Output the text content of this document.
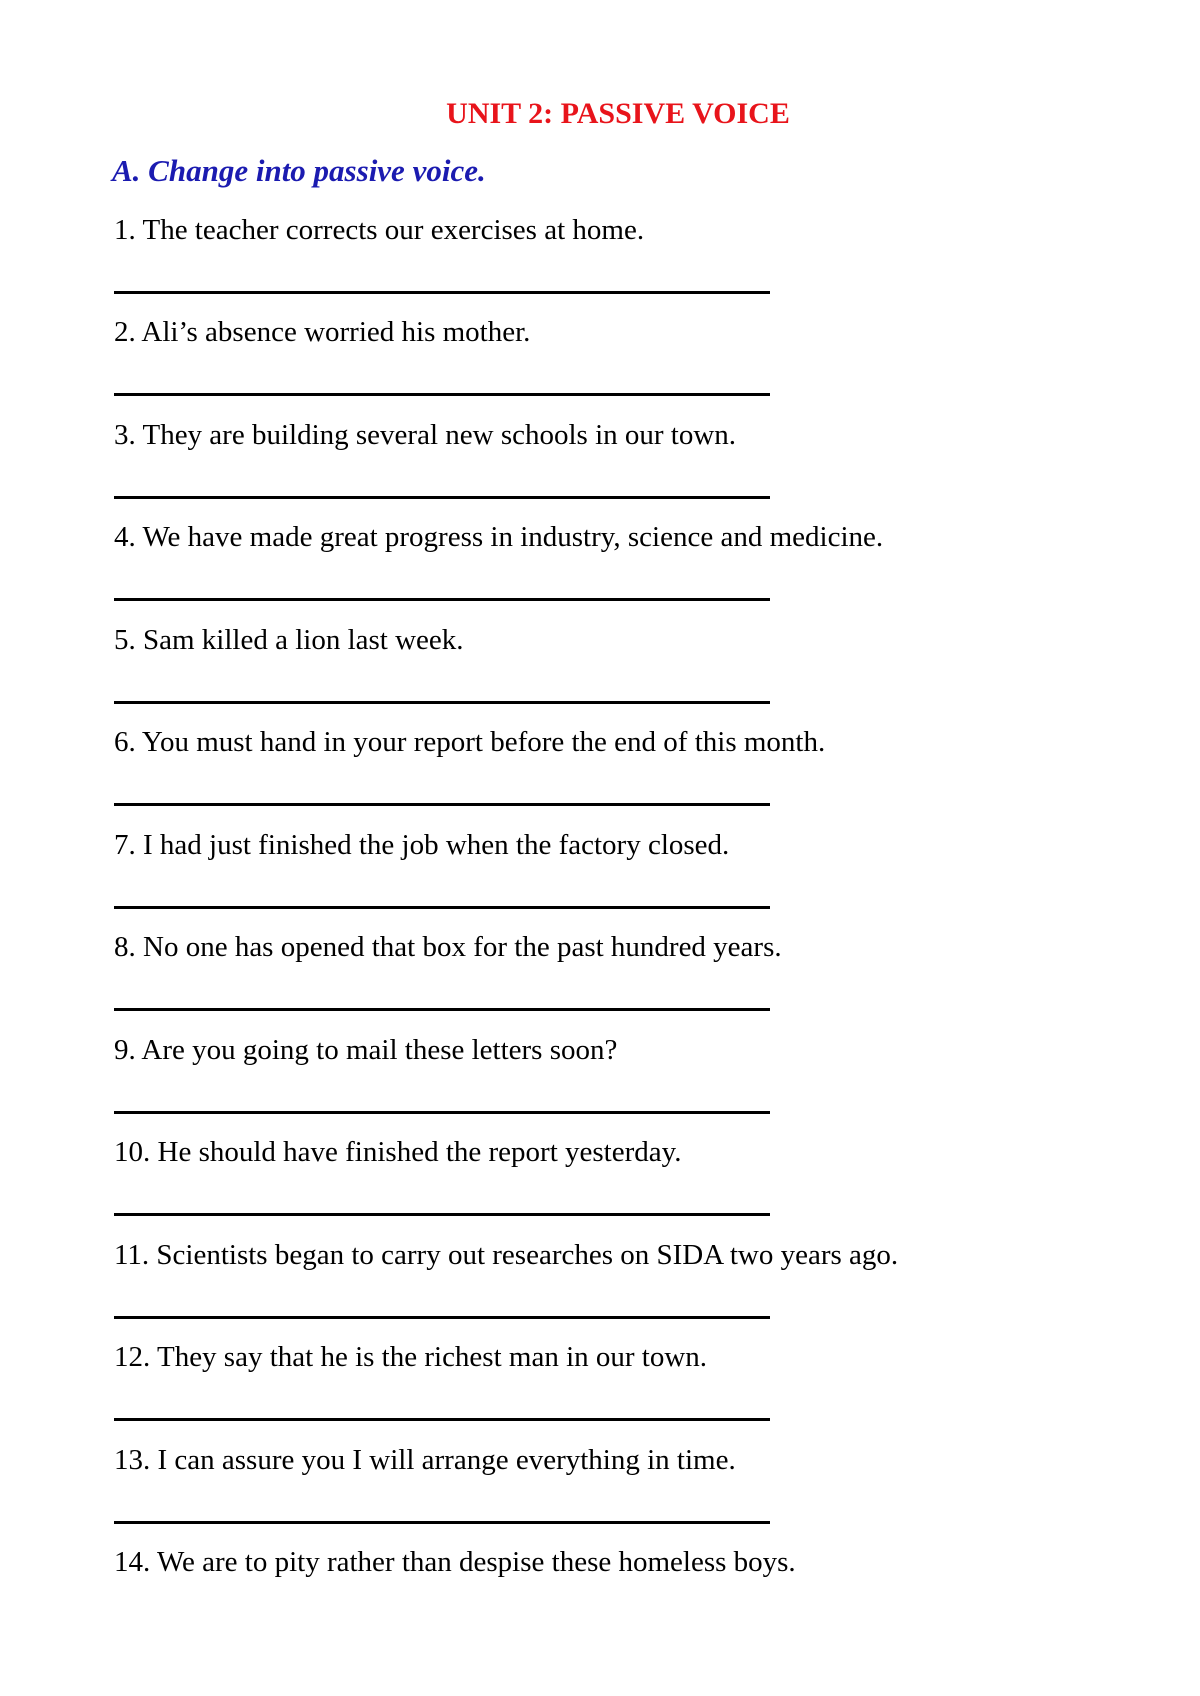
UNIT 2: PASSIVE VOICE
A. Change into passive voice.
1. The teacher corrects our exercises at home.
2. Ali’s absence worried his mother.
3. They are building several new schools in our town.
4. We have made great progress in industry, science and medicine.
5. Sam killed a lion last week.
6. You must hand in your report before the end of this month.
7. I had just finished the job when the factory closed.
8. No one has opened that box for the past hundred years.
9. Are you going to mail these letters soon?
10. He should have finished the report yesterday.
11. Scientists began to carry out researches on SIDA two years ago.
12. They say that he is the richest man in our town.
13. I can assure you I will arrange everything in time.
14. We are to pity rather than despise these homeless boys.
